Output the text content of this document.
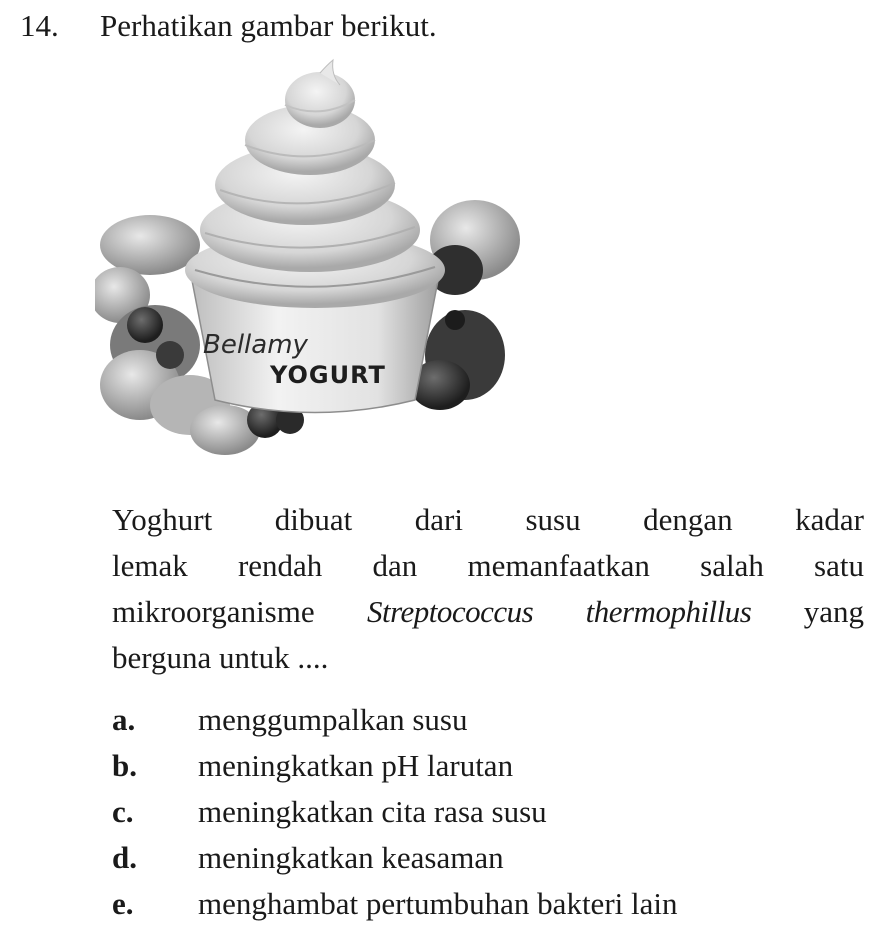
14. Perhatikan gambar berikut.
Bellamy
YOGURT
Yoghurt dibuat dari susu dengan kadar
lemak rendah dan memanfaatkan salah satu
mikroorganisme Streptococcus thermophillus yang
berguna untuk ....
a.	menggumpalkan susu
b.	meningkatkan pH larutan
c.	meningkatkan cita rasa susu
d.	meningkatkan keasaman
e.	menghambat pertumbuhan bakteri lain
